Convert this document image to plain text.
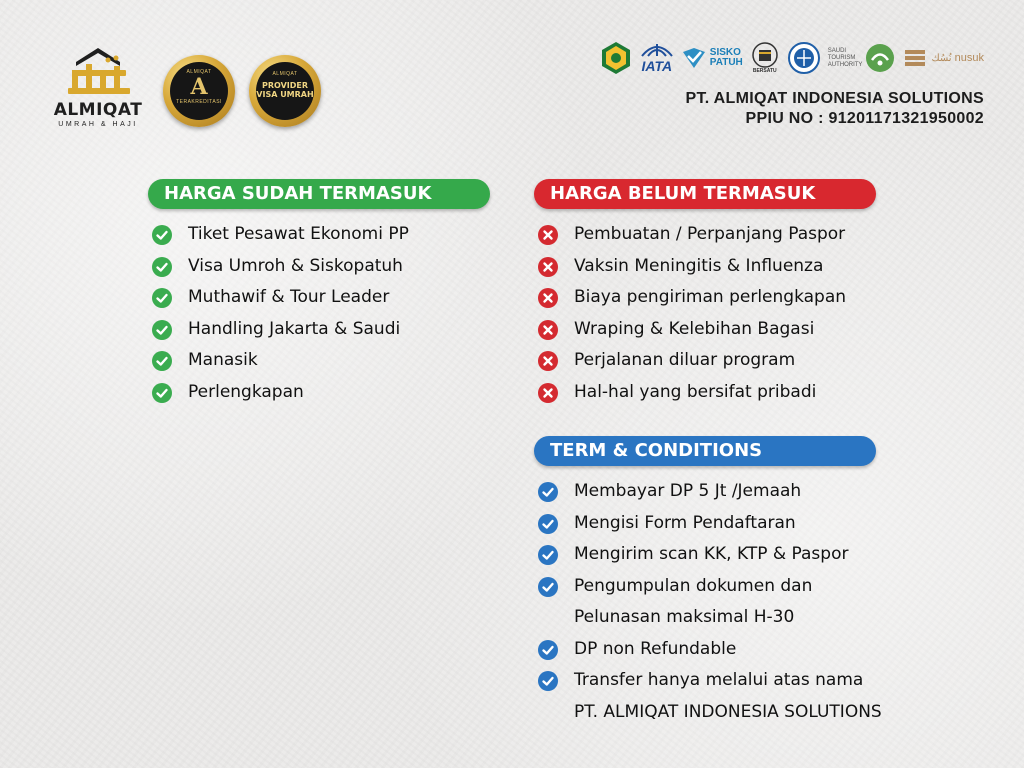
ALMIQAT
UMRAH & HAJI
ALMIQAT
A
TERAKREDITASI
ALMIQAT
PROVIDER
VISA UMRAH
IATA
SISKO
PATUH
BERSATU
SAUDI
TOURISM
AUTHORITY
نُسُك nusuk
PT. ALMIQAT INDONESIA SOLUTIONS
PPIU NO : 91201171321950002
HARGA SUDAH TERMASUK
Tiket Pesawat Ekonomi PP
Visa Umroh & Siskopatuh
Muthawif & Tour Leader
Handling Jakarta & Saudi
Manasik
Perlengkapan
HARGA BELUM TERMASUK
Pembuatan / Perpanjang Paspor
Vaksin Meningitis & Influenza
Biaya pengiriman perlengkapan
Wraping & Kelebihan Bagasi
Perjalanan diluar program
Hal-hal yang bersifat pribadi
TERM & CONDITIONS
Membayar DP 5 Jt /Jemaah
Mengisi Form Pendaftaran
Mengirim scan KK, KTP & Paspor
Pengumpulan dokumen dan
Pelunasan maksimal H-30
DP non Refundable
Transfer hanya melalui atas nama
PT. ALMIQAT INDONESIA SOLUTIONS
